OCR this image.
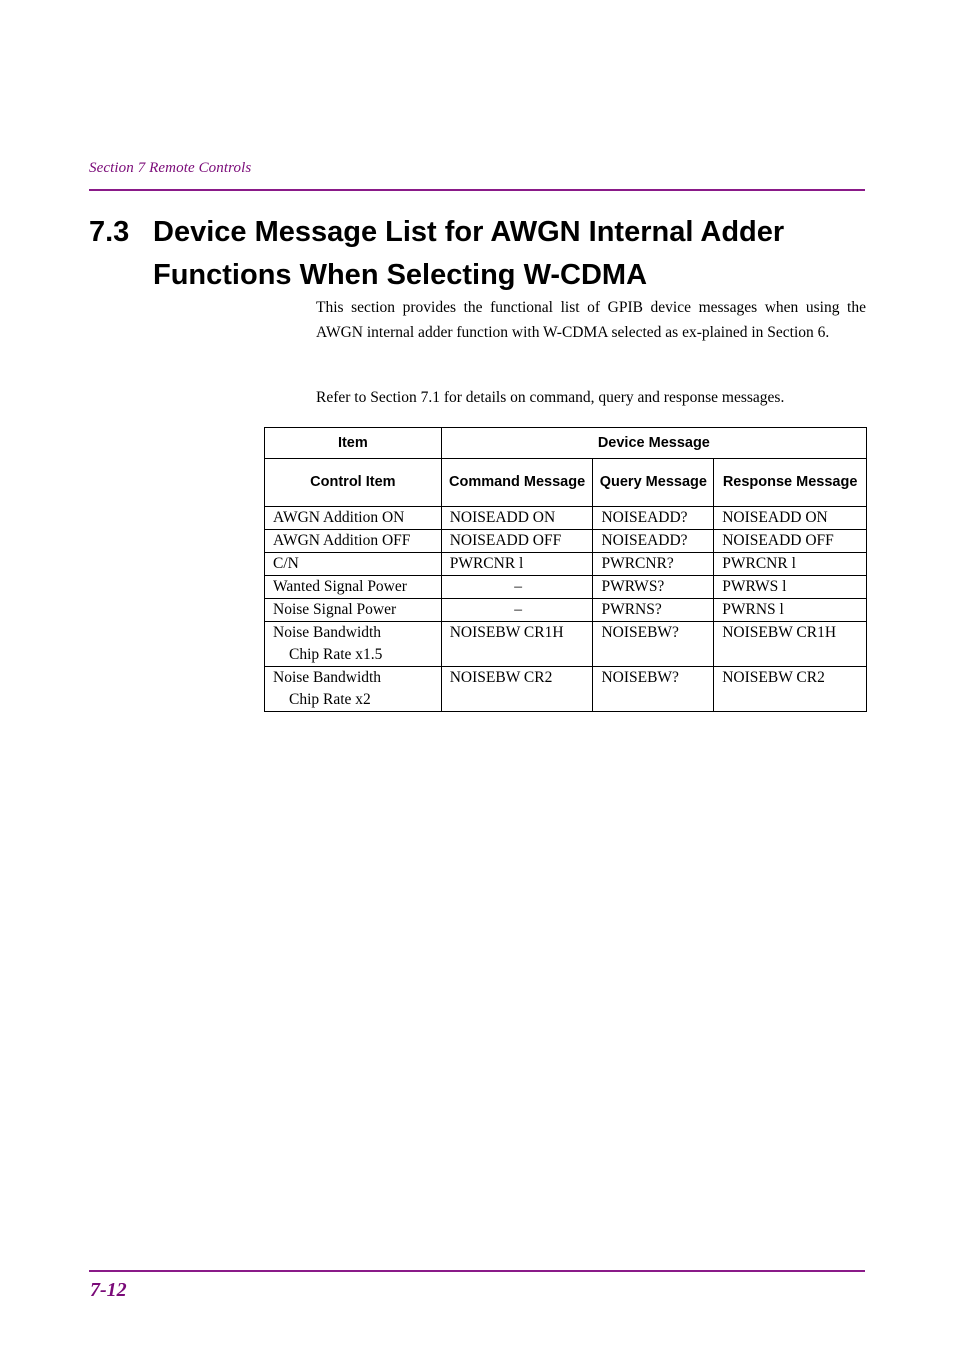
Section 7 Remote Controls
7.3 Device Message List for AWGN Internal Adder
Functions When Selecting W-CDMA
This section provides the functional list of GPIB device messages when using the AWGN internal adder function with W-CDMA selected as ex-plained in Section 6.
Refer to Section 7.1 for details on command, query and response messages.
Item	Device Message		
Control Item	Command Message	Query Message	Response Message
AWGN Addition ON	NOISEADD ON	NOISEADD?	NOISEADD ON
AWGN Addition OFF	NOISEADD OFF	NOISEADD?	NOISEADD OFF
C/N	PWRCNR l	PWRCNR?	PWRCNR l
Wanted Signal Power	–	PWRWS?	PWRWS l
Noise Signal Power	–	PWRNS?	PWRNS l

Noise Bandwidth
Chip Rate x1.5	NOISEBW CR1H	NOISEBW?	NOISEBW CR1H

Noise Bandwidth
Chip Rate x2	NOISEBW CR2	NOISEBW?	NOISEBW CR2
7-12
